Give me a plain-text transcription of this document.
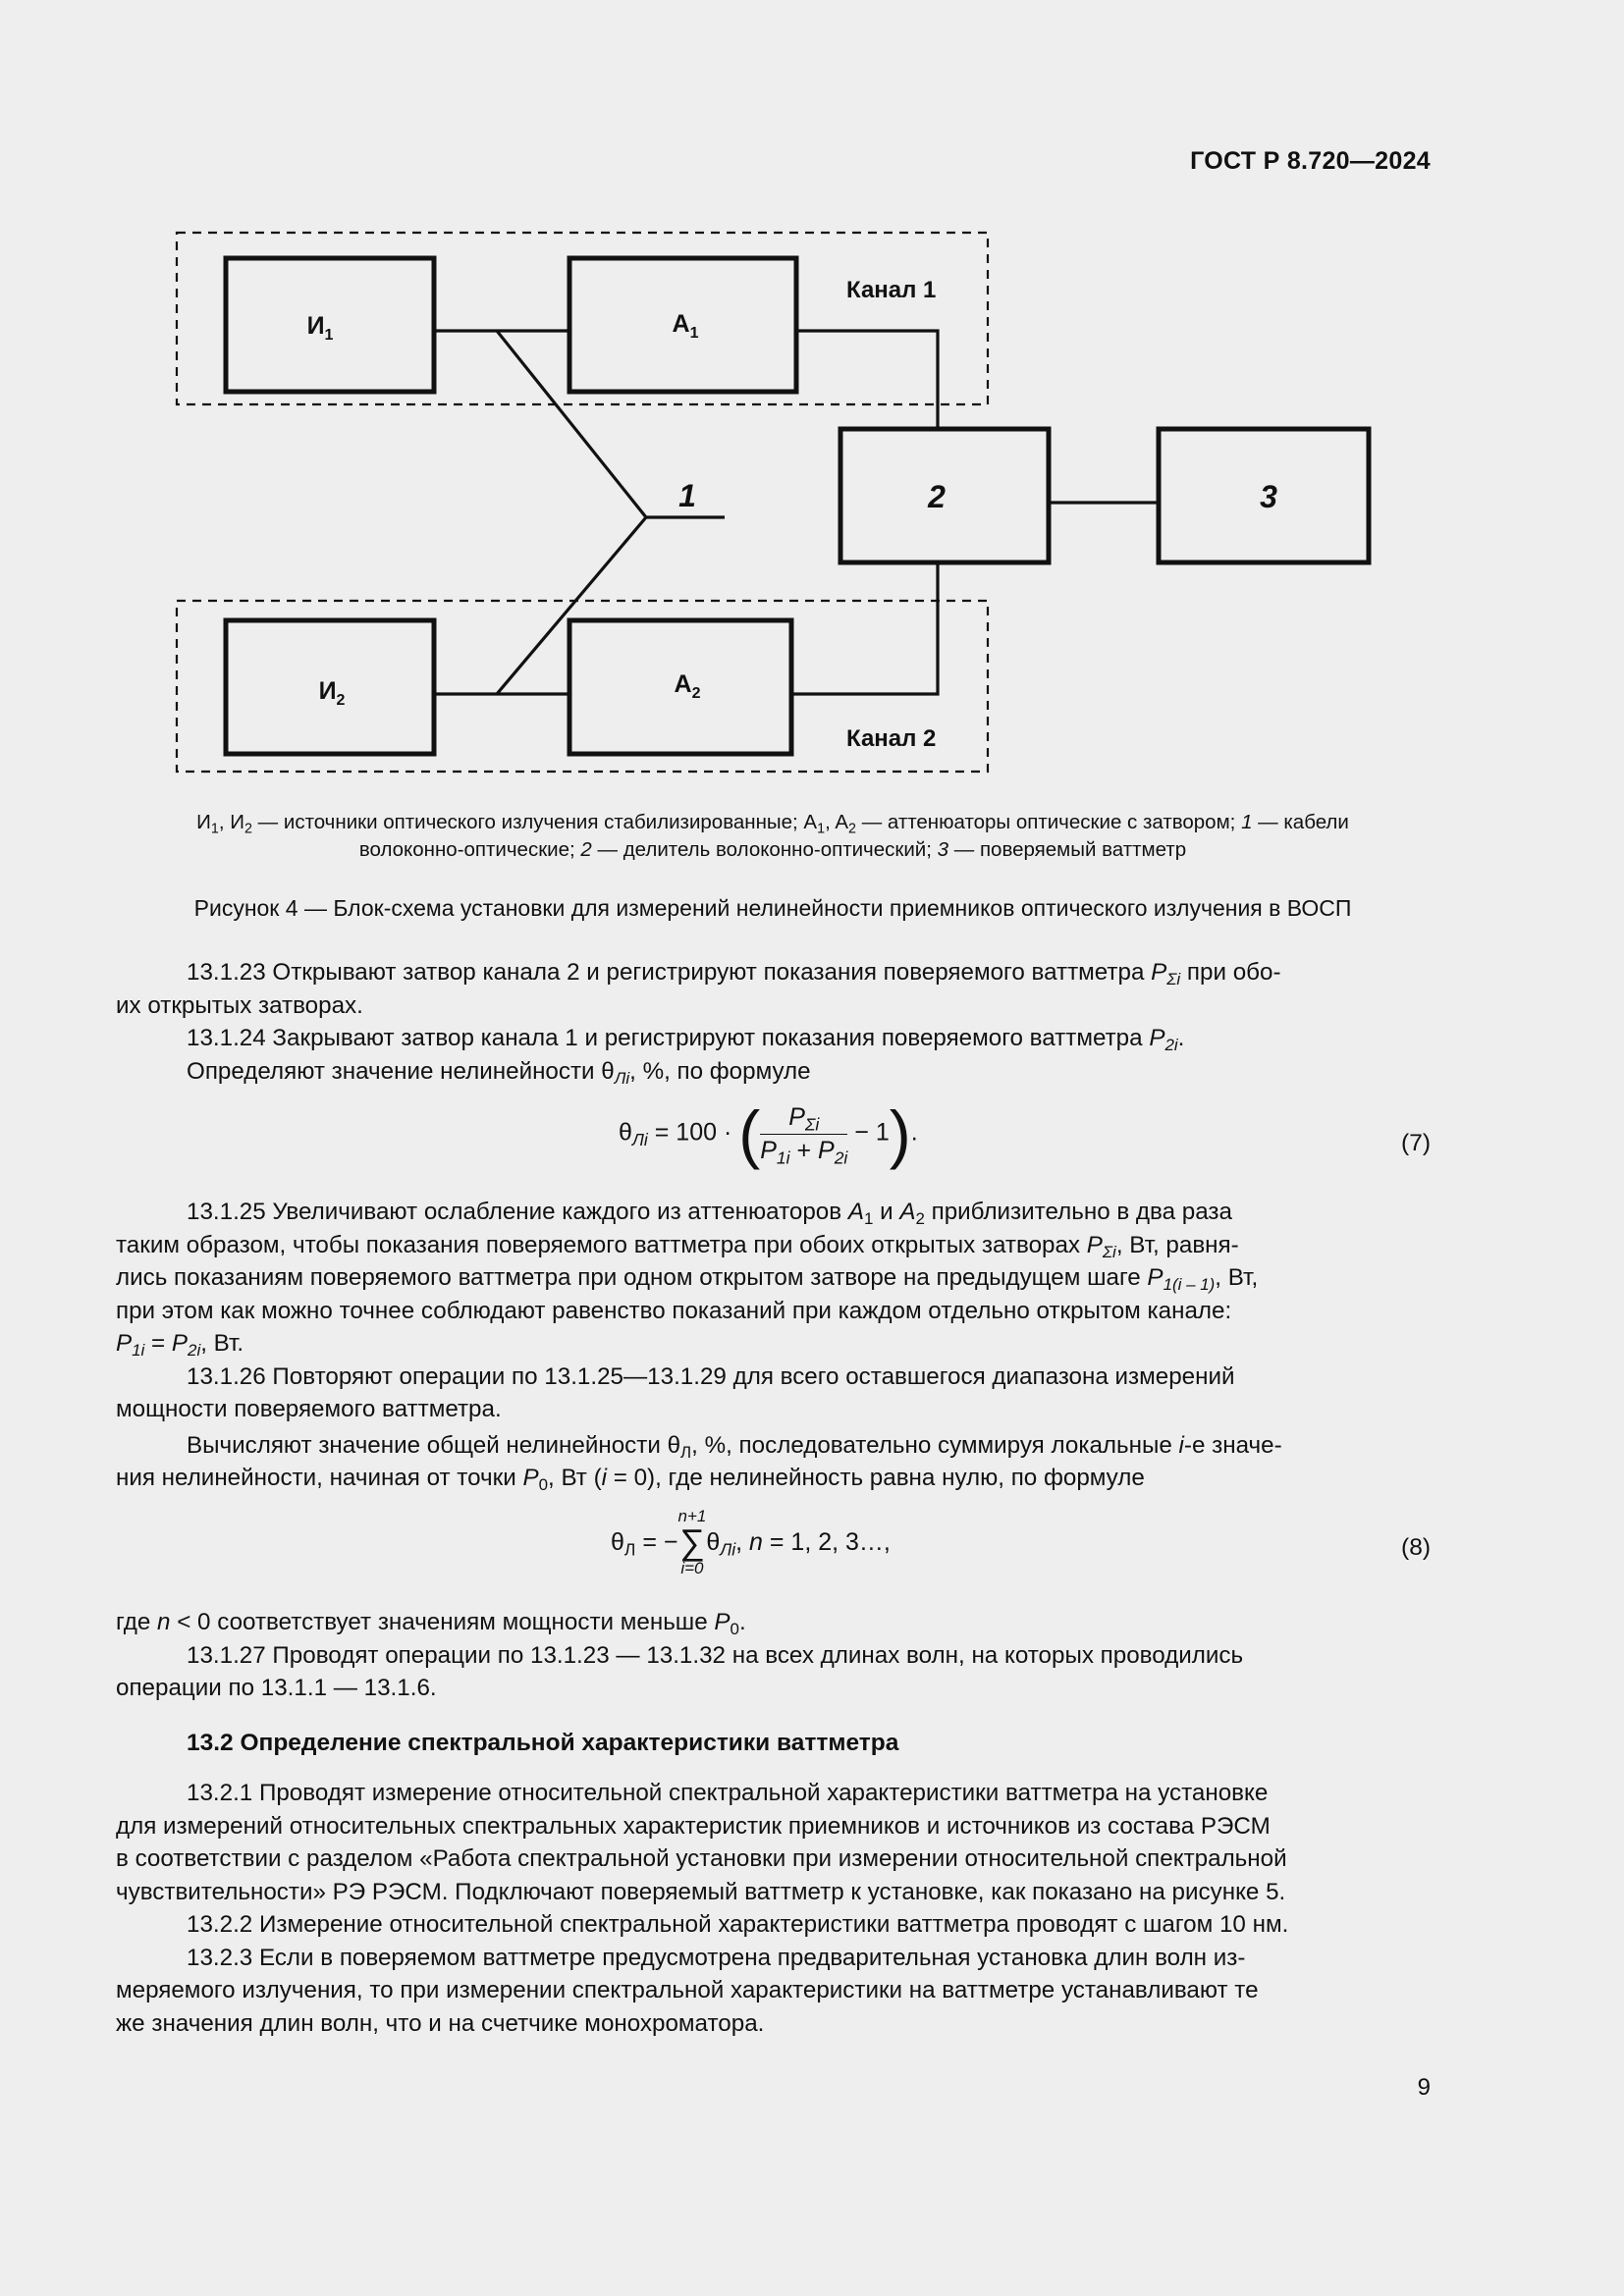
ГОСТ Р 8.720—2024
$И_1$	$A_1$
$И_2$
$A_2$
Канал 1
Канал 2
1	2	3
$И_1$, $И_2$ — источники оптического излучения стабилизированные; $A_1$, $A_2$ — аттенюаторы оптические с затвором; 1 — кабели
волоконно-оптические; 2 — делитель волоконно-оптический; 3 — поверяемый ваттметр
Рисунок 4 — Блок-схема установки для измерений нелинейности приемников оптического излучения в ВОСП

13.1.23 Открывают затвор канала 2 и регистрируют показания поверяемого ваттметра $P_{\Sigma i}$ при обо-
их открытых затворах.

13.1.24 Закрывают затвор канала 1 и регистрируют показания поверяемого ваттметра $P_{2i}$.

Определяют значение нелинейности $\theta_{Лi}$, %, по формуле

$\theta_{Лi} = 100$ · ( $\frac{P_{\Sigma i}}{P_{1i} + P_{2i}} - 1$).	(7)

13.1.25 Увеличивают ослабление каждого из аттенюаторов $A_1$ и $A_2$ приблизительно в два раза
таким образом, чтобы показания поверяемого ваттметра при обоих открытых затворах $P_{\Sigma i}$, Вт, равня-
лись показаниям поверяемого ваттметра при одном открытом затворе на предыдущем шаге $P_{1(i - 1)}$, Вт,
при этом как можно точнее соблюдают равенство показаний при каждом отдельно открытом канале:
$P_{1i} = P_{2i}$, Вт.

13.1.26 Повторяют операции по 13.1.25—13.1.29 для всего оставшегося диапазона измерений
мощности поверяемого ваттметра.

Вычисляют значение общей нелинейности $\theta_Л$, %, последовательно суммируя локальные i-е значе-
ния нелинейности, начиная от точки $P_0$, Вт (i = 0), где нелинейность равна нулю, по формуле

$\theta_Л$ = −
n+1
∑
i=0
$\theta_{Лi}$, n = 1, 2, 3…,	(8)

где n < 0 соответствует значениям мощности меньше $P_0$.

13.1.27 Проводят операции по 13.1.23 — 13.1.32 на всех длинах волн, на которых проводились
операции по 13.1.1 — 13.1.6.

13.2 Определение спектральной характеристики ваттметра

13.2.1 Проводят измерение относительной спектральной характеристики ваттметра на установке
для измерений относительных спектральных характеристик приемников и источников из состава РЭСМ
в соответствии с разделом «Работа спектральной установки при измерении относительной спектральной
чувствительности» РЭ РЭСМ. Подключают поверяемый ваттметр к установке, как показано на рисунке 5.

13.2.2 Измерение относительной спектральной характеристики ваттметра проводят с шагом 10 нм.

13.2.3 Если в поверяемом ваттметре предусмотрена предварительная установка длин волн из-
меряемого излучения, то при измерении спектральной характеристики на ваттметре устанавливают те
же значения длин волн, что и на счетчике монохроматора.

9
